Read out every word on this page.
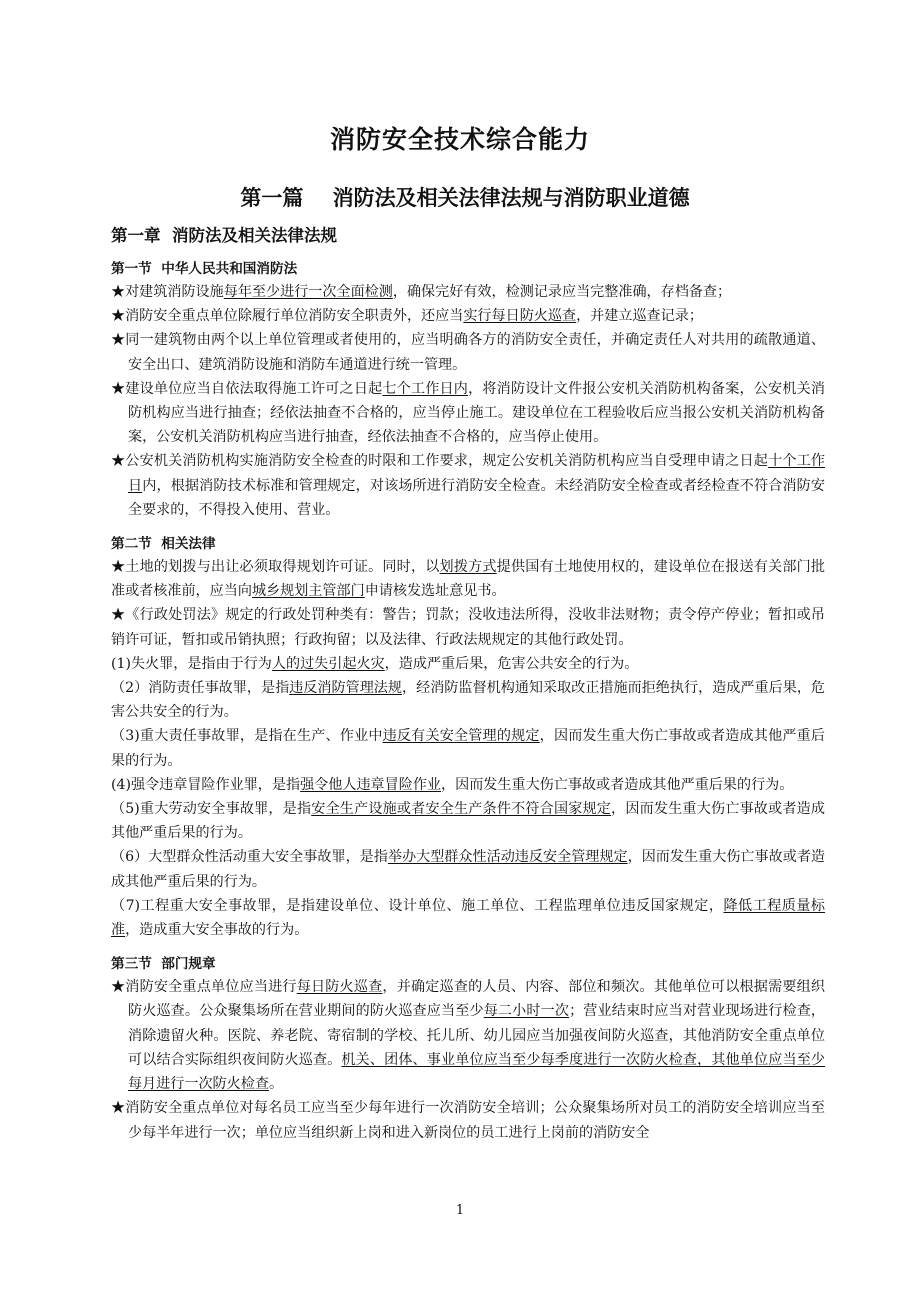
消防安全技术综合能力
第一篇    消防法及相关法律法规与消防职业道德
第一章  消防法及相关法律法规
第一节  中华人民共和国消防法
★对建筑消防设施每年至少进行一次全面检测，确保完好有效，检测记录应当完整准确，存档备查；
★消防安全重点单位除履行单位消防安全职责外，还应当实行每日防火巡查，并建立巡查记录；
★同一建筑物由两个以上单位管理或者使用的，应当明确各方的消防安全责任，并确定责任人对共用的疏散通道、安全出口、建筑消防设施和消防车通道进行统一管理。
★建设单位应当自依法取得施工许可之日起七个工作日内，将消防设计文件报公安机关消防机构备案，公安机关消防机构应当进行抽查；经依法抽查不合格的，应当停止施工。建设单位在工程验收后应当报公安机关消防机构备案，公安机关消防机构应当进行抽查，经依法抽查不合格的，应当停止使用。
★公安机关消防机构实施消防安全检查的时限和工作要求，规定公安机关消防机构应当自受理申请之日起十个工作日内，根据消防技术标准和管理规定，对该场所进行消防安全检查。未经消防安全检查或者经检查不符合消防安全要求的，不得投入使用、营业。
第二节  相关法律
★土地的划拨与出让必须取得规划许可证。同时，以划拨方式提供国有土地使用权的，建设单位在报送有关部门批准或者核准前，应当向城乡规划主管部门申请核发选址意见书。
★《行政处罚法》规定的行政处罚种类有：警告；罚款；没收违法所得，没收非法财物；责令停产停业；暂扣或吊销许可证，暂扣或吊销执照；行政拘留；以及法律、行政法规规定的其他行政处罚。
(1)失火罪，是指由于行为人的过失引起火灾，造成严重后果，危害公共安全的行为。
（2）消防责任事故罪，是指违反消防管理法规，经消防监督机构通知采取改正措施而拒绝执行，造成严重后果，危害公共安全的行为。
（3)重大责任事故罪，是指在生产、作业中违反有关安全管理的规定，因而发生重大伤亡事故或者造成其他严重后果的行为。
(4)强令违章冒险作业罪，是指强令他人违章冒险作业，因而发生重大伤亡事故或者造成其他严重后果的行为。
（5)重大劳动安全事故罪，是指安全生产设施或者安全生产条件不符合国家规定，因而发生重大伤亡事故或者造成其他严重后果的行为。
（6）大型群众性活动重大安全事故罪，是指举办大型群众性活动违反安全管理规定，因而发生重大伤亡事故或者造成其他严重后果的行为。
（7)工程重大安全事故罪，是指建设单位、设计单位、施工单位、工程监理单位违反国家规定，降低工程质量标准，造成重大安全事故的行为。
第三节  部门规章
★消防安全重点单位应当进行每日防火巡查，并确定巡查的人员、内容、部位和频次。其他单位可以根据需要组织防火巡查。公众聚集场所在营业期间的防火巡查应当至少每二小时一次；营业结束时应当对营业现场进行检查，消除遗留火种。医院、养老院、寄宿制的学校、托儿所、幼儿园应当加强夜间防火巡查，其他消防安全重点单位可以结合实际组织夜间防火巡查。机关、团体、事业单位应当至少每季度进行一次防火检查，其他单位应当至少每月进行一次防火检查。
★消防安全重点单位对每名员工应当至少每年进行一次消防安全培训；公众聚集场所对员工的消防安全培训应当至少每半年进行一次；单位应当组织新上岗和进入新岗位的员工进行上岗前的消防安全
1
